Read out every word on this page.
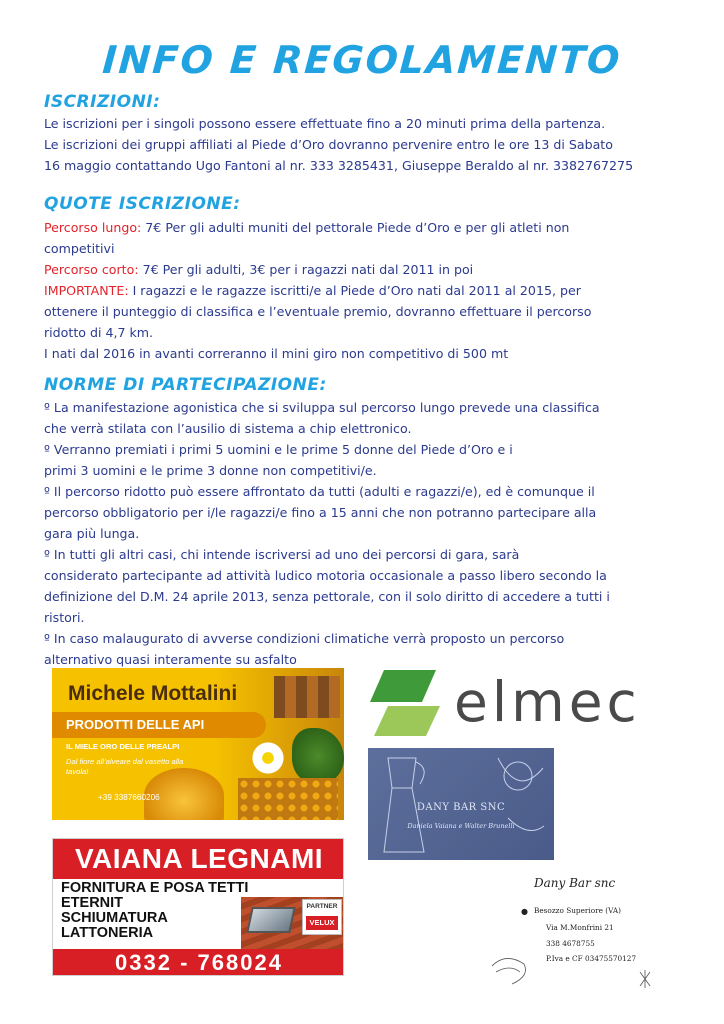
INFO E REGOLAMENTO
ISCRIZIONI:
Le iscrizioni per i singoli possono essere effettuate fino a 20 minuti prima della partenza.
Le iscrizioni dei gruppi affiliati al Piede d’Oro dovranno pervenire entro le ore 13 di Sabato
16 maggio contattando Ugo Fantoni al nr. 333 3285431, Giuseppe Beraldo al nr. 3382767275
QUOTE ISCRIZIONE:
Percorso lungo: 7€ Per gli adulti muniti del pettorale Piede d’Oro e per gli atleti non
competitivi
Percorso corto: 7€ Per gli adulti, 3€ per i ragazzi nati dal 2011 in poi
IMPORTANTE: I ragazzi e le ragazze iscritti/e al Piede d’Oro nati dal 2011 al 2015, per
ottenere il punteggio di classifica e l’eventuale premio, dovranno effettuare il percorso
ridotto di 4,7 km.
I nati dal 2016 in avanti correranno il mini giro non competitivo di 500 mt
NORME DI PARTECIPAZIONE:
º La manifestazione agonistica che si sviluppa sul percorso lungo prevede una classifica
che verrà stilata con l’ausilio di sistema a chip elettronico.
º Verranno premiati i primi 5 uomini e le prime 5 donne del Piede d’Oro e i
primi 3 uomini e le prime 3 donne non competitivi/e.
º Il percorso ridotto può essere affrontato da tutti (adulti e ragazzi/e), ed è comunque il
percorso obbligatorio per i/le ragazzi/e fino a 15 anni che non potranno partecipare alla
gara più lunga.
º In tutti gli altri casi, chi intende iscriversi ad uno dei percorsi di gara, sarà
considerato partecipante ad attività ludico motoria occasionale a passo libero secondo la
definizione del D.M. 24 aprile 2013, senza pettorale, con il solo diritto di accedere a tutti i
ristori.
º In caso malaugurato di avverse condizioni climatiche verrà proposto un percorso
alternativo quasi interamente su asfalto
Michele Mottalini
PRODOTTI DELLE API
IL MIELE ORO DELLE PREALPI
Dal fiore all’alveare dal vasetto alla tavola!
+39 3387660206
elmec
DANY BAR SNC
Daniela Vaiana e Walter Brunelli
Dany Bar snc
● Besozzo Superiore (VA)
Via M.Monfrini 21
338 4678755
P.Iva e CF 03475570127
VAIANA LEGNAMI
FORNITURA E POSA TETTI
ETERNIT
SCHIUMATURA
LATTONERIA
PARTNER
VELUX
0332 - 768024
